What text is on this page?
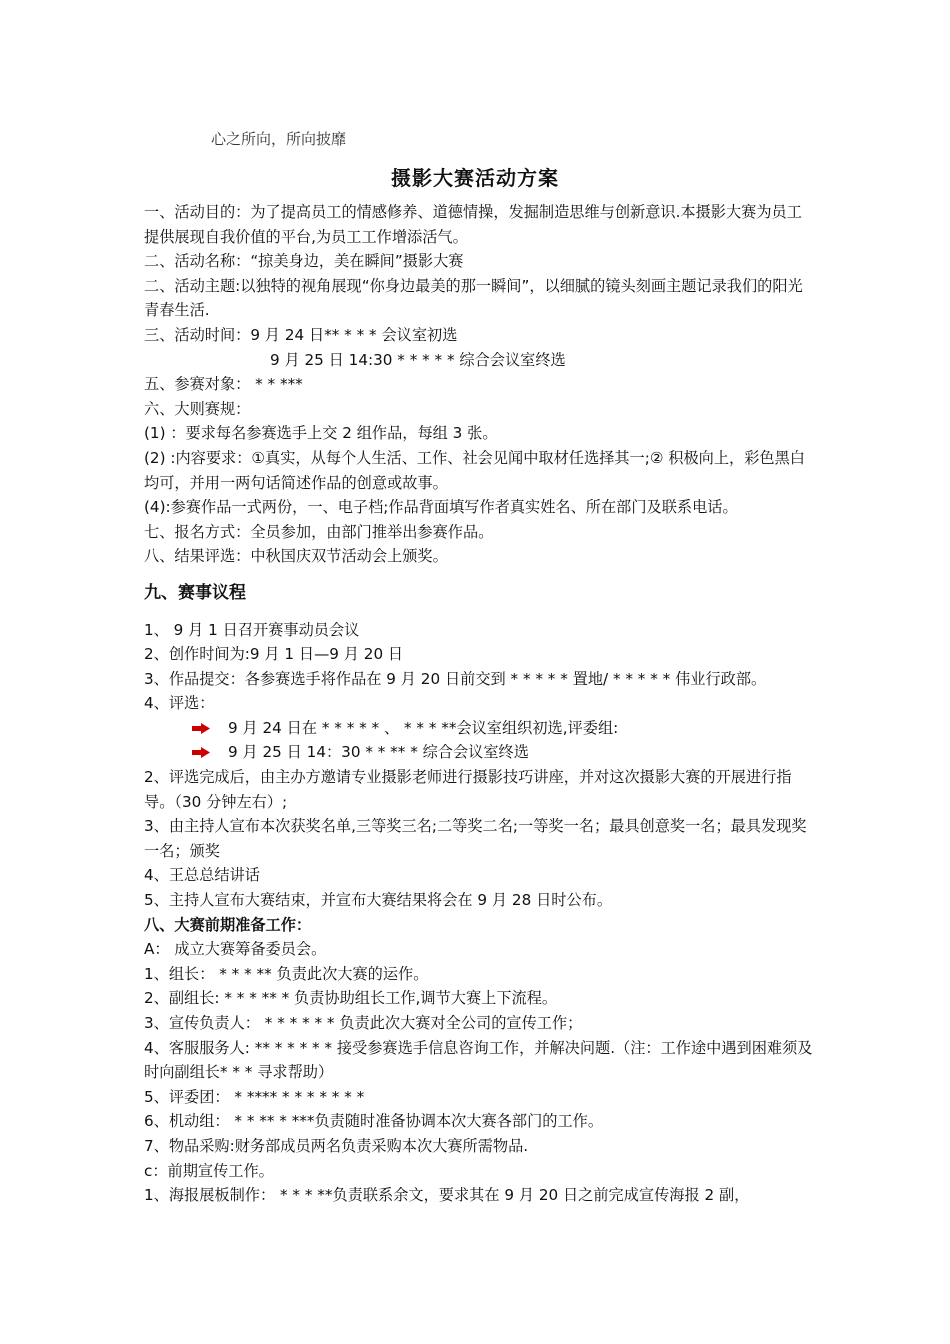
心之所向，所向披靡
摄影大赛活动方案

一、活动目的：为了提高员工的情感修养、道德情操，发掘制造思维与创新意识.本摄影大赛为员工提供展现自我价值的平台,为员工工作增添活气。

二、活动名称：“掠美身边，美在瞬间”摄影大赛

二、活动主题:以独特的视角展现“你身边最美的那一瞬间”，以细腻的镜头刻画主题记录我们的阳光青春生活.

三、活动时间：9 月 24 日** * * * 会议室初选

9 月 25 日 14:30 * * * * * 综合会议室终选

五、参赛对象： * * ***

六、大则赛规：

(1) ：要求每名参赛选手上交 2 组作品，每组 3 张。

(2) :内容要求：①真实，从每个人生活、工作、社会见闻中取材任选择其一;② 积极向上，彩色黑白均可，并用一两句话简述作品的创意或故事。

(4):参赛作品一式两份，一、电子档;作品背面填写作者真实姓名、所在部门及联系电话。

七、报名方式：全员参加，由部门推举出参赛作品。

八、结果评选：中秋国庆双节活动会上颁奖。

九、赛事议程

1、 9 月 1 日召开赛事动员会议

2、创作时间为:9 月 1 日—9 月 20 日

3、作品提交：各参赛选手将作品在 9 月 20 日前交到 * * * * * 置地/ * * * * * 伟业行政部。

4、评选：

9 月 24 日在 * * * * * 、 * * * **会议室组织初选,评委组:

9 月 25 日 14：30 * * ** * 综合会议室终选

2、评选完成后，由主办方邀请专业摄影老师进行摄影技巧讲座，并对这次摄影大赛的开展进行指导。（30 分钟左右）;

3、由主持人宣布本次获奖名单,三等奖三名;二等奖二名;一等奖一名；最具创意奖一名；最具发现奖一名；颁奖

4、王总总结讲话

5、主持人宣布大赛结束，并宣布大赛结果将会在 9 月 28 日时公布。

八、大赛前期准备工作：

A： 成立大赛筹备委员会。

1、组长： * * * ** 负责此次大赛的运作。

2、副组长: * * * ** * 负责协助组长工作,调节大赛上下流程。

3、宣传负责人： * * * * * * 负责此次大赛对全公司的宣传工作；

4、客服服务人: ** * * * * * 接受参赛选手信息咨询工作，并解决问题.（注：工作途中遇到困难须及时向副组长* * * 寻求帮助）

5、评委团： * **** * * * * * * *

6、机动组： * * ** * ***负责随时准备协调本次大赛各部门的工作。

7、物品采购:财务部成员两名负责采购本次大赛所需物品.

c：前期宣传工作。

1、海报展板制作： * * * **负责联系余文，要求其在 9 月 20 日之前完成宣传海报 2 副，
